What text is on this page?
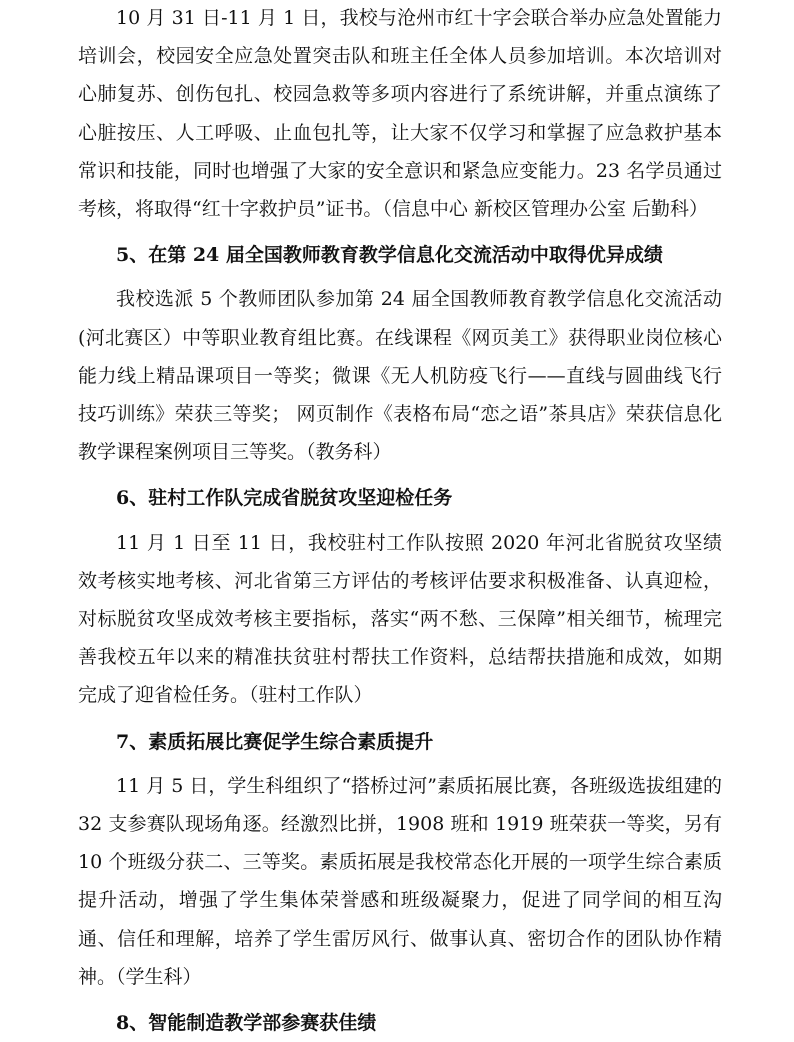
10 月 31 日-11 月 1 日，我校与沧州市红十字会联合举办应急处置能力培训会，校园安全应急处置突击队和班主任全体人员参加培训。本次培训对心肺复苏、创伤包扎、校园急救等多项内容进行了系统讲解，并重点演练了心脏按压、人工呼吸、止血包扎等，让大家不仅学习和掌握了应急救护基本常识和技能，同时也增强了大家的安全意识和紧急应变能力。23 名学员通过考核，将取得“红十字救护员”证书。（信息中心 新校区管理办公室 后勤科）

5、在第 24 届全国教师教育教学信息化交流活动中取得优异成绩

我校选派 5 个教师团队参加第 24 届全国教师教育教学信息化交流活动(河北赛区）中等职业教育组比赛。在线课程《网页美工》获得职业岗位核心能力线上精品课项目一等奖；微课《无人机防疫飞行——直线与圆曲线飞行技巧训练》荣获三等奖； 网页制作《表格布局“恋之语”茶具店》荣获信息化教学课程案例项目三等奖。（教务科）

6、驻村工作队完成省脱贫攻坚迎检任务

11 月 1 日至 11 日，我校驻村工作队按照 2020 年河北省脱贫攻坚绩效考核实地考核、河北省第三方评估的考核评估要求积极准备、认真迎检，对标脱贫攻坚成效考核主要指标，落实“两不愁、三保障”相关细节，梳理完善我校五年以来的精准扶贫驻村帮扶工作资料，总结帮扶措施和成效，如期完成了迎省检任务。（驻村工作队）

7、素质拓展比赛促学生综合素质提升

11 月 5 日，学生科组织了“搭桥过河”素质拓展比赛，各班级选拔组建的 32 支参赛队现场角逐。经激烈比拼，1908 班和 1919 班荣获一等奖，另有 10 个班级分获二、三等奖。素质拓展是我校常态化开展的一项学生综合素质提升活动，增强了学生集体荣誉感和班级凝聚力，促进了同学间的相互沟通、信任和理解，培养了学生雷厉风行、做事认真、密切合作的团队协作精神。（学生科）

8、智能制造教学部参赛获佳绩
